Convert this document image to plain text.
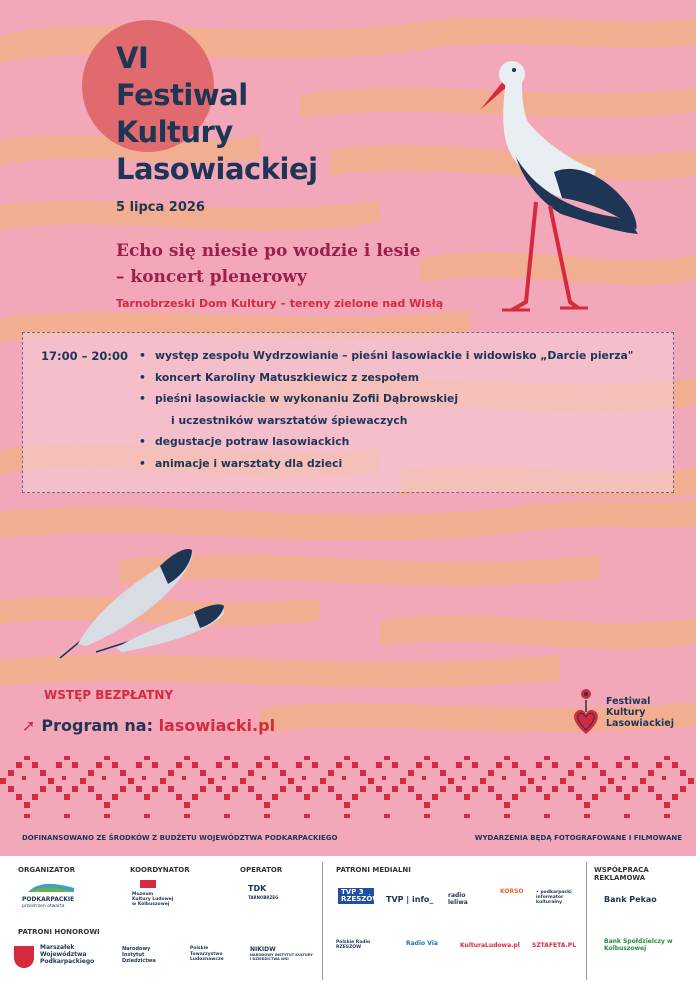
VI
Festiwal
Kultury
Lasowiackiej
5 lipca 2026
Echo się niesie po wodzie i lesie
– koncert plenerowy
Tarnobrzeski Dom Kultury – tereny zielone nad Wisłą
17:00 – 20:00 • występ zespołu Wydrzowianie – pieśni lasowiackie i widowisko „Darcie pierza"
• koncert Karoliny Matuszkiewicz z zespołem
• pieśni lasowiackie w wykonaniu Zofii Dąbrowskiej
i uczestników warsztatów śpiewaczych
• degustacje potraw lasowiackich
• animacje i warsztaty dla dzieci
WSTĘP BEZPŁATNY
➚ Program na: lasowiacki.pl
Festiwal
Kultury
Lasowiackiej
DOFINANSOWANO ZE ŚRODKÓW Z BUDŻETU WOJEWÓDZTWA PODKARPACKIEGO	WYDARZENIA BĘDĄ FOTOGRAFOWANE I FILMOWANE
ORGANIZATOR	KOORDYNATOR	OPERATOR	PATRONI MEDIALNI	WSPÓŁPRACA REKLAMOWA
PATRONI HONOROWI
PODKARPACKIE
przestrzeń otwarta
Muzeum
Kultury Ludowej
w Kolbuszowej
TDK
TARNOBRZEG
TVP 3 RZESZÓW TVP | info_ radio leliwa
KORSO	• podkarpacki informator kulturalny
Polskie Radio RZESZÓW
Radio Via	KulturaLudowa.pl	SZTAFETA.PL
Bank Pekao
Bank Spółdzielczy w Kolbuszowej
Marszałek
Województwa
Podkarpackiego
Narodowy
Instytut
Dziedzictwa
Polskie
Towarzystwo
Ludoznawcze
NIKIDW
NARODOWY INSTYTUT KULTURY
I DZIEDZICTWA WSI
